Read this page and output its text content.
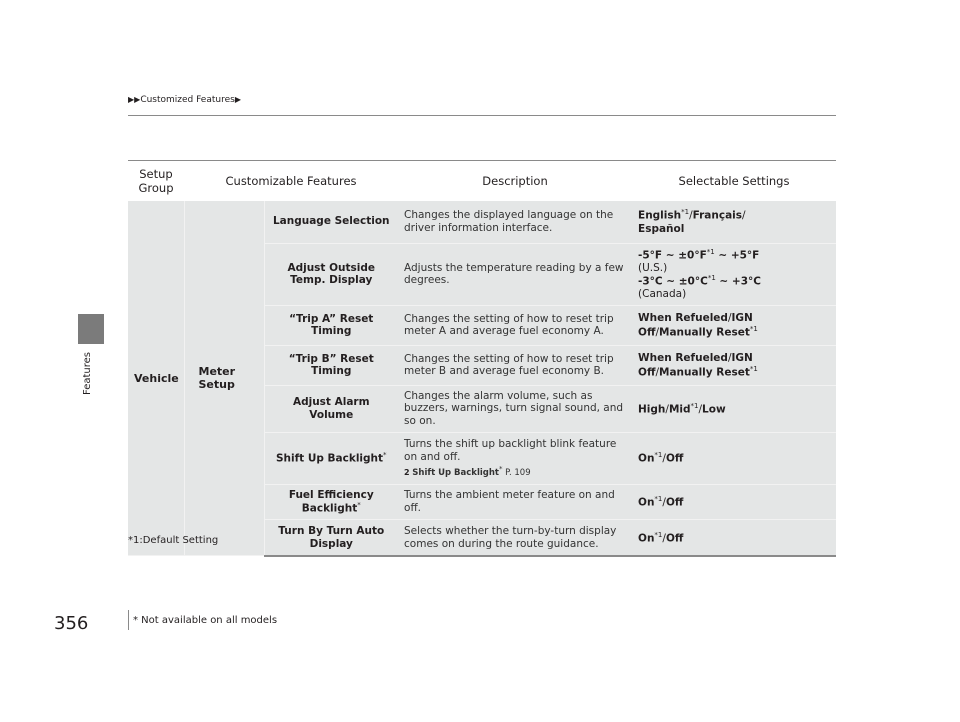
Features
▶▶Customized Features▶
Setup Group	Customizable Features		Description	Selectable Settings
Vehicle	Meter Setup	Language Selection	Changes the displayed language on the driver information interface.	English$^{*1}$/Français/
Español
		Adjust Outside Temp. Display	Adjusts the temperature reading by a few degrees.	-5°F ~ $\pm 0^\circ F^{*1}$ ~ +5°F
(U.S.)
-3°C ~ $\pm 0^\circ C^{*1}$ ~ +3°C
(Canada)
		“Trip A” Reset Timing	Changes the setting of how to reset trip meter A and average fuel economy A.	When Refueled/IGN Off/Manually Reset$^{*1}$
		“Trip B” Reset Timing	Changes the setting of how to reset trip meter B and average fuel economy B.	When Refueled/IGN Off/Manually Reset$^{*1}$
		Adjust Alarm Volume	Changes the alarm volume, such as buzzers, warnings, turn signal sound, and so on.	High/Mid$^{*1}$/Low
		Shift Up Backlight*	Turns the shift up backlight blink feature on and off.
2 Shift Up Backlight* P. 109	On$^{*1}$/Off
		Fuel Efficiency Backlight*	Turns the ambient meter feature on and off.	On$^{*1}$/Off
		Turn By Turn Auto Display	Selects whether the turn-by-turn display comes on during the route guidance.	On$^{*1}$/Off
*1:Default Setting
356	* Not available on all models
